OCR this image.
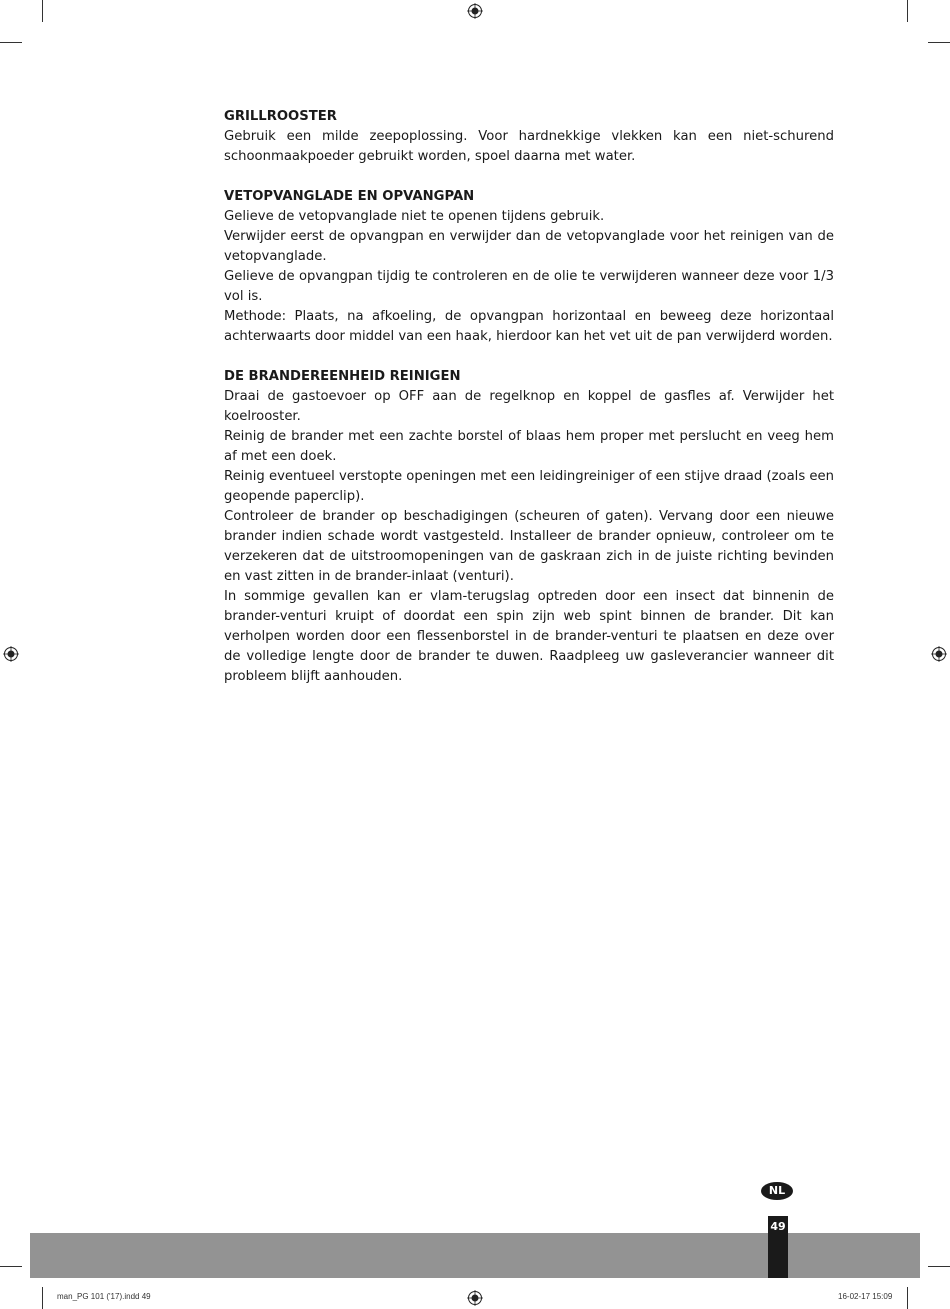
GRILLROOSTER

Gebruik een milde zeepoplossing. Voor hardnekkige vlekken kan een niet-schurend schoonmaakpoeder gebruikt worden, spoel daarna met water.

VETOPVANGLADE EN OPVANGPAN

Gelieve de vetopvanglade niet te openen tijdens gebruik.

Verwijder eerst de opvangpan en verwijder dan de vetopvanglade voor het reinigen van de vetopvanglade.

Gelieve de opvangpan tijdig te controleren en de olie te verwijderen wanneer deze voor 1/3 vol is.

Methode: Plaats, na afkoeling, de opvangpan horizontaal en beweeg deze horizontaal achterwaarts door middel van een haak, hierdoor kan het vet uit de pan verwijderd worden.

DE BRANDEREENHEID REINIGEN

Draai de gastoevoer op OFF aan de regelknop en koppel de gasfles af. Verwijder het koelrooster.

Reinig de brander met een zachte borstel of blaas hem proper met perslucht en veeg hem af met een doek.

Reinig eventueel verstopte openingen met een leidingreiniger of een stijve draad (zoals een geopende paperclip).

Controleer de brander op beschadigingen (scheuren of gaten). Vervang door een nieuwe brander indien schade wordt vastgesteld. Installeer de brander opnieuw, controleer om te verzekeren dat de uitstroomopeningen van de gaskraan zich in de juiste richting bevinden en vast zitten in de brander-inlaat (venturi).

In sommige gevallen kan er vlam-terugslag optreden door een insect dat binnenin de brander-venturi kruipt of doordat een spin zijn web spint binnen de brander. Dit kan verholpen worden door een flessenborstel in de brander-venturi te plaatsen en deze over de volledige lengte door de brander te duwen. Raadpleeg uw gasleverancier wanneer dit probleem blijft aanhouden.

NL
49
man_PG 101 ('17).indd 49	16-02-17 15:09
